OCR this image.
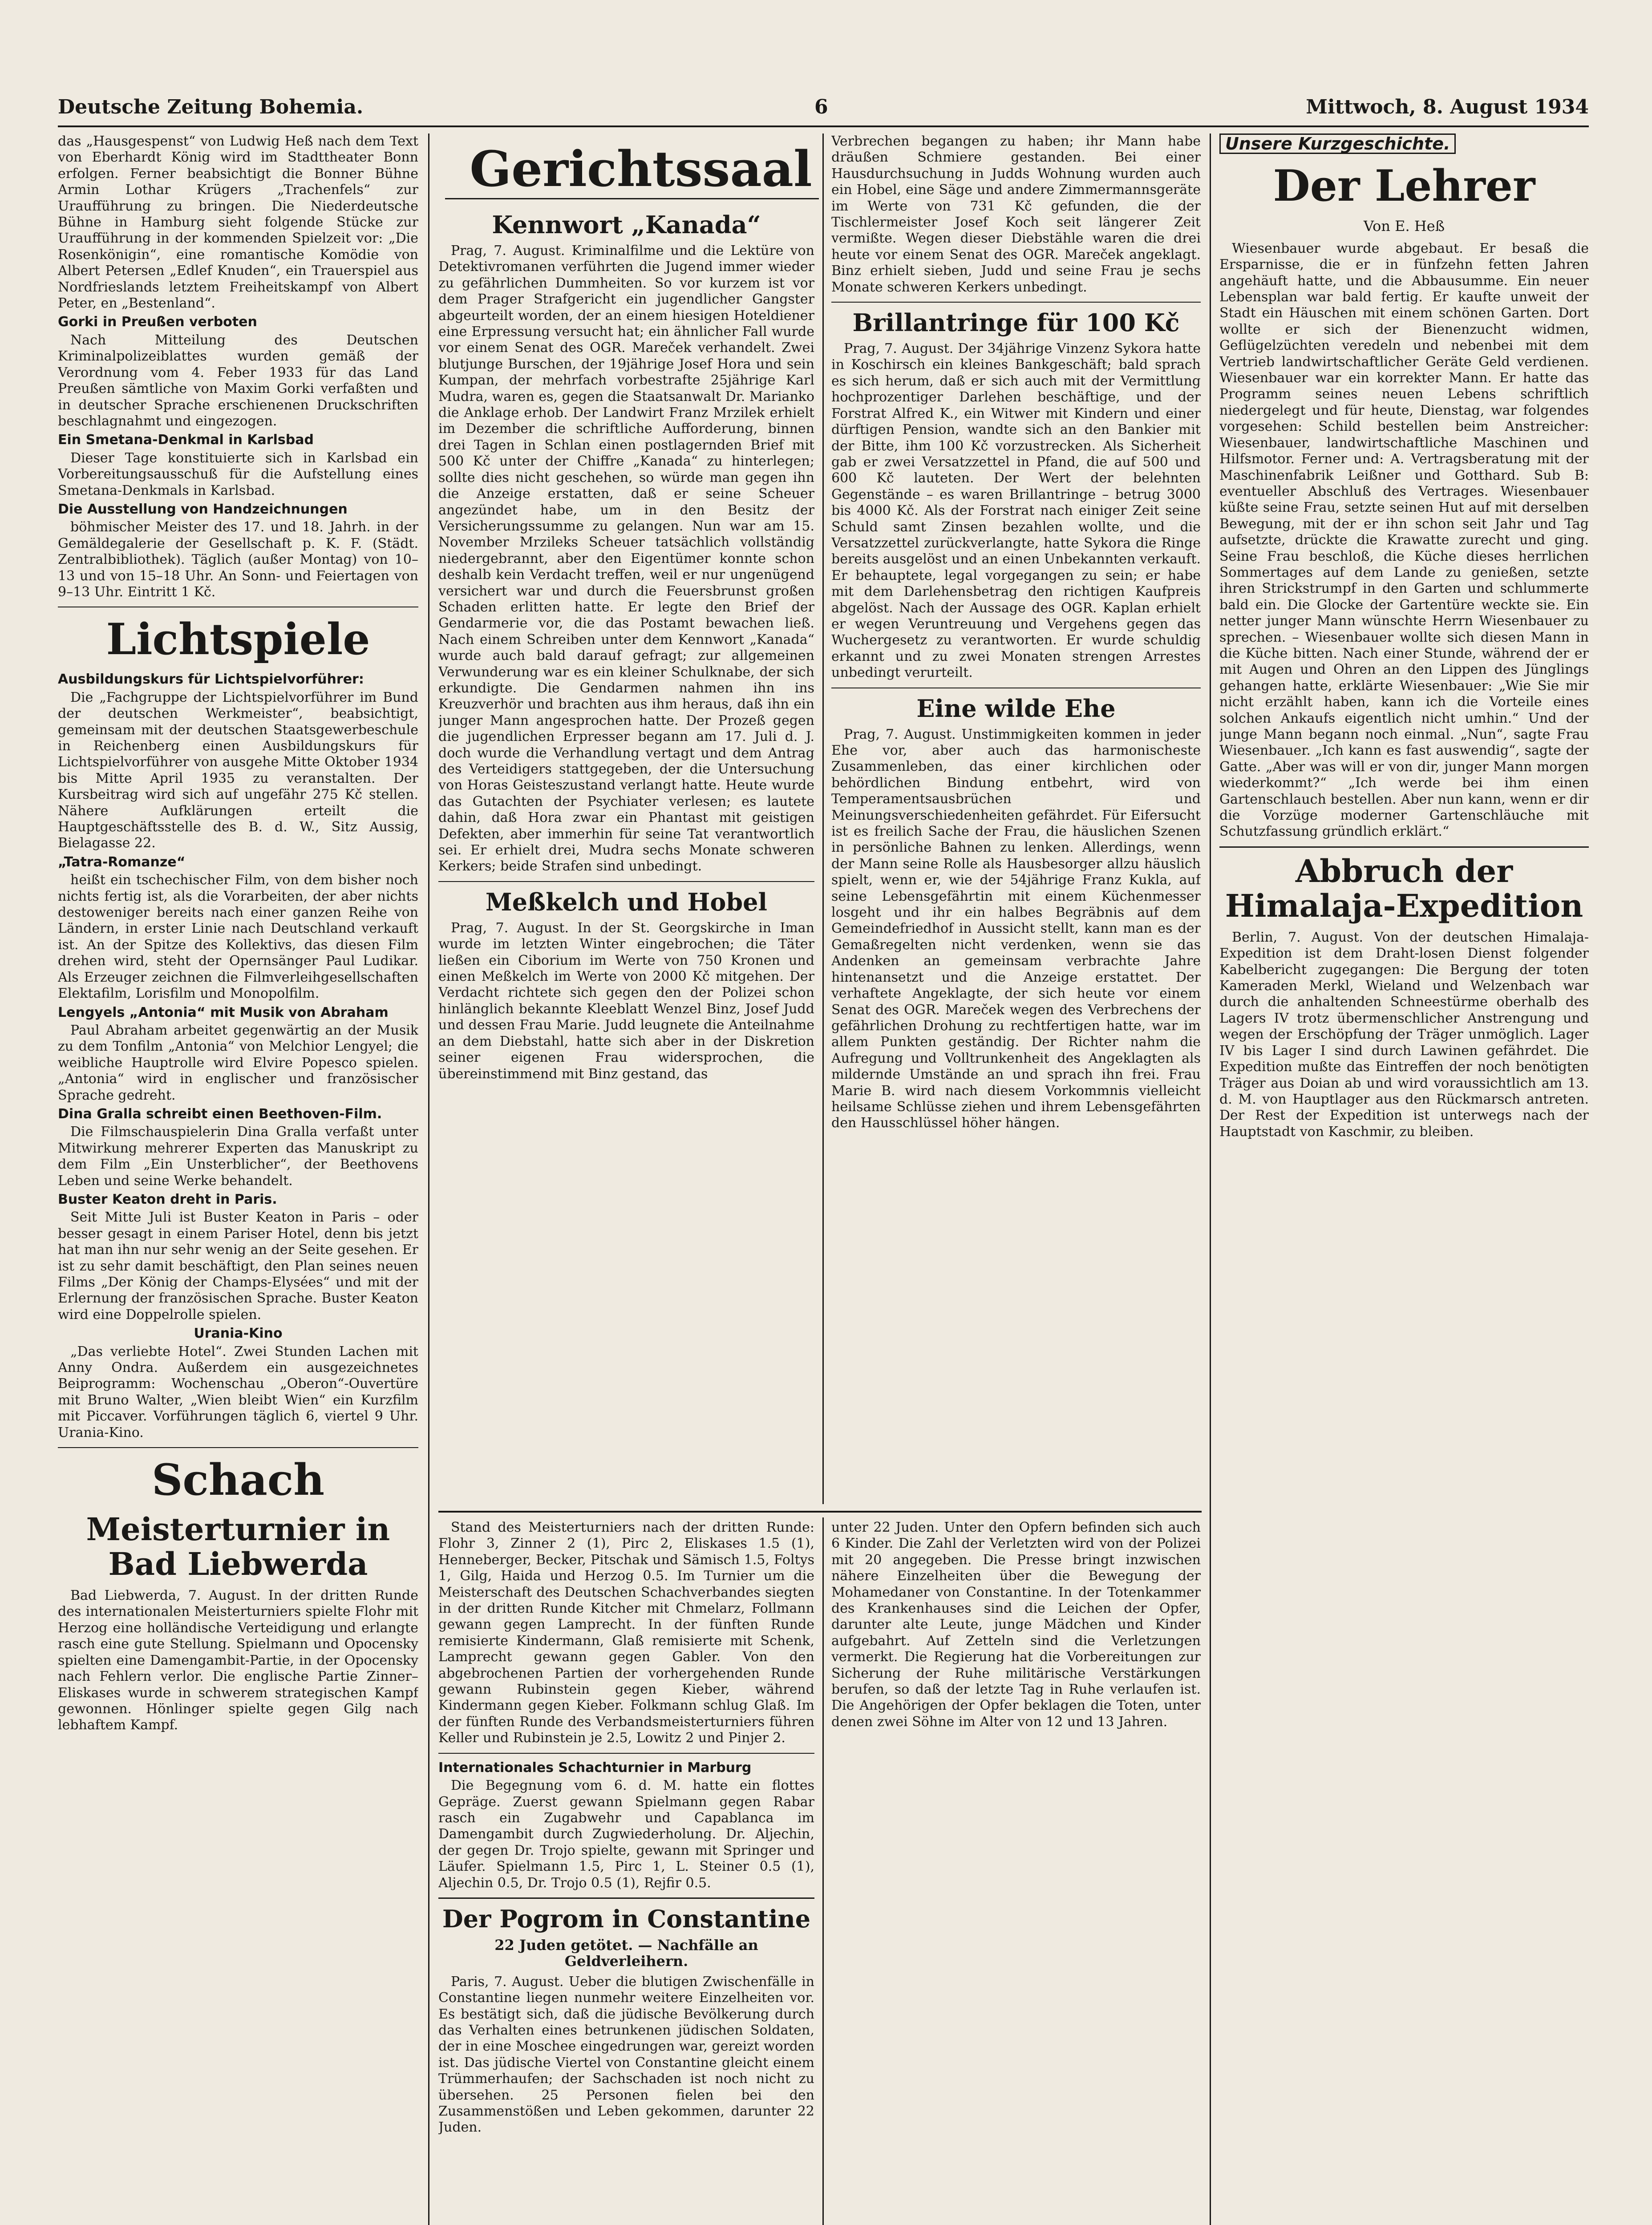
Deutsche Zeitung Bohemia.	6	Mittwoch, 8. August 1934

das „Hausgespenst“ von Ludwig Heß nach dem Text von Eberhardt König wird im Stadttheater Bonn erfolgen. Ferner beabsichtigt die Bonner Bühne Armin Lothar Krügers „Trachenfels“ zur Uraufführung zu bringen. Die Niederdeutsche Bühne in Hamburg sieht folgende Stücke zur Uraufführung in der kommenden Spielzeit vor: „Die Rosenkönigin“, eine romantische Komödie von Albert Petersen „Edlef Knuden“, ein Trauerspiel aus Nordfrieslands letztem Freiheitskampf von Albert Peter, en „Bestenland“.

Gorki in Preußen verboten

Nach Mitteilung des Deutschen Kriminalpolizeiblattes wurden gemäß der Verordnung vom 4. Feber 1933 für das Land Preußen sämtliche von Maxim Gorki verfaßten und in deutscher Sprache erschienenen Druckschriften beschlagnahmt und eingezogen.

Ein Smetana-Denkmal in Karlsbad

Dieser Tage konstituierte sich in Karlsbad ein Vorbereitungsausschuß für die Aufstellung eines Smetana-Denkmals in Karlsbad.

Die Ausstellung von Handzeichnungen

böhmischer Meister des 17. und 18. Jahrh. in der Gemäldegalerie der Gesellschaft p. K. F. (Städt. Zentralbibliothek). Täglich (außer Montag) von 10–13 und von 15–18 Uhr. An Sonn- und Feiertagen von 9–13 Uhr. Eintritt 1 Kč.

Lichtspiele
Ausbildungskurs für Lichtspielvorführer:

Die „Fachgruppe der Lichtspielvorführer im Bund der deutschen Werkmeister“, beabsichtigt, gemeinsam mit der deutschen Staatsgewerbeschule in Reichenberg einen Ausbildungskurs für Lichtspielvorführer von ausgehe Mitte Oktober 1934 bis Mitte April 1935 zu veranstalten. Der Kursbeitrag wird sich auf ungefähr 275 Kč stellen. Nähere Aufklärungen erteilt die Hauptgeschäftsstelle des B. d. W., Sitz Aussig, Bielagasse 22.

„Tatra-Romanze“

heißt ein tschechischer Film, von dem bisher noch nichts fertig ist, als die Vorarbeiten, der aber nichts destoweniger bereits nach einer ganzen Reihe von Ländern, in erster Linie nach Deutschland verkauft ist. An der Spitze des Kollektivs, das diesen Film drehen wird, steht der Opernsänger Paul Ludikar. Als Erzeuger zeichnen die Filmverleihgesellschaften Elektafilm, Lorisfilm und Monopolfilm.

Lengyels „Antonia“ mit Musik von Abraham

Paul Abraham arbeitet gegenwärtig an der Musik zu dem Tonfilm „Antonia“ von Melchior Lengyel; die weibliche Hauptrolle wird Elvire Popesco spielen. „Antonia“ wird in englischer und französischer Sprache gedreht.

Dina Gralla schreibt einen Beethoven-Film.

Die Filmschauspielerin Dina Gralla verfaßt unter Mitwirkung mehrerer Experten das Manuskript zu dem Film „Ein Unsterblicher“, der Beethovens Leben und seine Werke behandelt.

Buster Keaton dreht in Paris.

Seit Mitte Juli ist Buster Keaton in Paris – oder besser gesagt in einem Pariser Hotel, denn bis jetzt hat man ihn nur sehr wenig an der Seite gesehen. Er ist zu sehr damit beschäftigt, den Plan seines neuen Films „Der König der Champs-Elysées“ und mit der Erlernung der französischen Sprache. Buster Keaton wird eine Doppelrolle spielen.

Urania-Kino

„Das verliebte Hotel“. Zwei Stunden Lachen mit Anny Ondra. Außerdem ein ausgezeichnetes Beiprogramm: Wochenschau „Oberon“-Ouvertüre mit Bruno Walter, „Wien bleibt Wien“ ein Kurzfilm mit Piccaver. Vorführungen täglich 6, viertel 9 Uhr. Urania-Kino.

Schach
Meisterturnier in Bad Liebwerda

Bad Liebwerda, 7. August. In der dritten Runde des internationalen Meisterturniers spielte Flohr mit Herzog eine holländische Verteidigung und erlangte rasch eine gute Stellung. Spielmann und Opocensky spielten eine Damengambit-Partie, in der Opocensky nach Fehlern verlor. Die englische Partie Zinner–Eliskases wurde in schwerem strategischen Kampf gewonnen. Hönlinger spielte gegen Gilg nach lebhaftem Kampf.

Gerichtssaal
Kennwort „Kanada“

Prag, 7. August. Kriminalfilme und die Lektüre von Detektivromanen verführten die Jugend immer wieder zu gefährlichen Dummheiten. So vor kurzem ist vor dem Prager Strafgericht ein jugendlicher Gangster abgeurteilt worden, der an einem hiesigen Hoteldiener eine Erpressung versucht hat; ein ähnlicher Fall wurde vor einem Senat des OGR. Mareček verhandelt. Zwei blutjunge Burschen, der 19jährige Josef Hora und sein Kumpan, der mehrfach vorbestrafte 25jährige Karl Mudra, waren es, gegen die Staatsanwalt Dr. Marianko die Anklage erhob. Der Landwirt Franz Mrzilek erhielt im Dezember die schriftliche Aufforderung, binnen drei Tagen in Schlan einen postlagernden Brief mit 500 Kč unter der Chiffre „Kanada“ zu hinterlegen; sollte dies nicht geschehen, so würde man gegen ihn die Anzeige erstatten, daß er seine Scheuer angezündet habe, um in den Besitz der Versicherungssumme zu gelangen. Nun war am 15. November Mrzileks Scheuer tatsächlich vollständig niedergebrannt, aber den Eigentümer konnte schon deshalb kein Verdacht treffen, weil er nur ungenügend versichert war und durch die Feuersbrunst großen Schaden erlitten hatte. Er legte den Brief der Gendarmerie vor, die das Postamt bewachen ließ. Nach einem Schreiben unter dem Kennwort „Kanada“ wurde auch bald darauf gefragt; zur allgemeinen Verwunderung war es ein kleiner Schulknabe, der sich erkundigte. Die Gendarmen nahmen ihn ins Kreuzverhör und brachten aus ihm heraus, daß ihn ein junger Mann angesprochen hatte. Der Prozeß gegen die jugendlichen Erpresser begann am 17. Juli d. J. doch wurde die Verhandlung vertagt und dem Antrag des Verteidigers stattgegeben, der die Untersuchung von Horas Geisteszustand verlangt hatte. Heute wurde das Gutachten der Psychiater verlesen; es lautete dahin, daß Hora zwar ein Phantast mit geistigen Defekten, aber immerhin für seine Tat verantwortlich sei. Er erhielt drei, Mudra sechs Monate schweren Kerkers; beide Strafen sind unbedingt.

Meßkelch und Hobel

Prag, 7. August. In der St. Georgskirche in Iman wurde im letzten Winter eingebrochen; die Täter ließen ein Ciborium im Werte von 750 Kronen und einen Meßkelch im Werte von 2000 Kč mitgehen. Der Verdacht richtete sich gegen den der Polizei schon hinlänglich bekannte Kleeblatt Wenzel Binz, Josef Judd und dessen Frau Marie. Judd leugnete die Anteilnahme an dem Diebstahl, hatte sich aber in der Diskretion seiner eigenen Frau widersprochen, die übereinstimmend mit Binz gestand, das

Verbrechen begangen zu haben; ihr Mann habe dräußen Schmiere gestanden. Bei einer Hausdurchsuchung in Judds Wohnung wurden auch ein Hobel, eine Säge und andere Zimmermannsgeräte im Werte von 731 Kč gefunden, die der Tischlermeister Josef Koch seit längerer Zeit vermißte. Wegen dieser Diebstähle waren die drei heute vor einem Senat des OGR. Mareček angeklagt. Binz erhielt sieben, Judd und seine Frau je sechs Monate schweren Kerkers unbedingt.

Brillantringe für 100 Kč

Prag, 7. August. Der 34jährige Vinzenz Sykora hatte in Koschirsch ein kleines Bankgeschäft; bald sprach es sich herum, daß er sich auch mit der Vermittlung hochprozentiger Darlehen beschäftige, und der Forstrat Alfred K., ein Witwer mit Kindern und einer dürftigen Pension, wandte sich an den Bankier mit der Bitte, ihm 100 Kč vorzustrecken. Als Sicherheit gab er zwei Versatzzettel in Pfand, die auf 500 und 600 Kč lauteten. Der Wert der belehnten Gegenstände – es waren Brillantringe – betrug 3000 bis 4000 Kč. Als der Forstrat nach einiger Zeit seine Schuld samt Zinsen bezahlen wollte, und die Versatzzettel zurückverlangte, hatte Sykora die Ringe bereits ausgelöst und an einen Unbekannten verkauft. Er behauptete, legal vorgegangen zu sein; er habe mit dem Darlehensbetrag den richtigen Kaufpreis abgelöst. Nach der Aussage des OGR. Kaplan erhielt er wegen Veruntreuung und Vergehens gegen das Wuchergesetz zu verantworten. Er wurde schuldig erkannt und zu zwei Monaten strengen Arrestes unbedingt verurteilt.

Eine wilde Ehe

Prag, 7. August. Unstimmigkeiten kommen in jeder Ehe vor, aber auch das harmonischeste Zusammenleben, das einer kirchlichen oder behördlichen Bindung entbehrt, wird von Temperamentsausbrüchen und Meinungsverschiedenheiten gefährdet. Für Eifersucht ist es freilich Sache der Frau, die häuslichen Szenen in persönliche Bahnen zu lenken. Allerdings, wenn der Mann seine Rolle als Hausbesorger allzu häuslich spielt, wenn er, wie der 54jährige Franz Kukla, auf seine Lebensgefährtin mit einem Küchenmesser losgeht und ihr ein halbes Begräbnis auf dem Gemeindefriedhof in Aussicht stellt, kann man es der Gemaßregelten nicht verdenken, wenn sie das Andenken an gemeinsam verbrachte Jahre hintenansetzt und die Anzeige erstattet. Der verhaftete Angeklagte, der sich heute vor einem Senat des OGR. Mareček wegen des Verbrechens der gefährlichen Drohung zu rechtfertigen hatte, war im allem Punkten geständig. Der Richter nahm die Aufregung und Volltrunkenheit des Angeklagten als mildernde Umstände an und sprach ihn frei. Frau Marie B. wird nach diesem Vorkommnis vielleicht heilsame Schlüsse ziehen und ihrem Lebensgefährten den Hausschlüssel höher hängen.

Stand des Meisterturniers nach der dritten Runde: Flohr 3, Zinner 2 (1), Pirc 2, Eliskases 1.5 (1), Henneberger, Becker, Pitschak und Sämisch 1.5, Foltys 1, Gilg, Haida und Herzog 0.5. Im Turnier um die Meisterschaft des Deutschen Schachverbandes siegten in der dritten Runde Kitcher mit Chmelarz, Follmann gewann gegen Lamprecht. In der fünften Runde remisierte Kindermann, Glaß remisierte mit Schenk, Lamprecht gewann gegen Gabler. Von den abgebrochenen Partien der vorhergehenden Runde gewann Rubinstein gegen Kieber, während Kindermann gegen Kieber. Folkmann schlug Glaß. Im der fünften Runde des Verbandsmeisterturniers führen Keller und Rubinstein je 2.5, Lowitz 2 und Pinjer 2.

Internationales Schachturnier in Marburg

Die Begegnung vom 6. d. M. hatte ein flottes Gepräge. Zuerst gewann Spielmann gegen Rabar rasch ein Zugabwehr und Capablanca im Damengambit durch Zugwiederholung. Dr. Aljechin, der gegen Dr. Trojo spielte, gewann mit Springer und Läufer. Spielmann 1.5, Pirc 1, L. Steiner 0.5 (1), Aljechin 0.5, Dr. Trojo 0.5 (1), Rejfir 0.5.

Der Pogrom in Constantine
22 Juden getötet. — Nachfälle an Geldverleihern.

Paris, 7. August. Ueber die blutigen Zwischenfälle in Constantine liegen nunmehr weitere Einzelheiten vor. Es bestätigt sich, daß die jüdische Bevölkerung durch das Verhalten eines betrunkenen jüdischen Soldaten, der in eine Moschee eingedrungen war, gereizt worden ist. Das jüdische Viertel von Constantine gleicht einem Trümmerhaufen; der Sachschaden ist noch nicht zu übersehen. 25 Personen fielen bei den Zusammenstößen und Leben gekommen, darunter 22 Juden.

unter 22 Juden. Unter den Opfern befinden sich auch 6 Kinder. Die Zahl der Verletzten wird von der Polizei mit 20 angegeben. Die Presse bringt inzwischen nähere Einzelheiten über die Bewegung der Mohamedaner von Constantine. In der Totenkammer des Krankenhauses sind die Leichen der Opfer, darunter alte Leute, junge Mädchen und Kinder aufgebahrt. Auf Zetteln sind die Verletzungen vermerkt. Die Regierung hat die Vorbereitungen zur Sicherung der Ruhe militärische Verstärkungen berufen, so daß der letzte Tag in Ruhe verlaufen ist. Die Angehörigen der Opfer beklagen die Toten, unter denen zwei Söhne im Alter von 12 und 13 Jahren.

Unsere Kurzgeschichte.
Der Lehrer
Von E. Heß

Wiesenbauer wurde abgebaut. Er besaß die Ersparnisse, die er in fünfzehn fetten Jahren angehäuft hatte, und die Abbausumme. Ein neuer Lebensplan war bald fertig. Er kaufte unweit der Stadt ein Häuschen mit einem schönen Garten. Dort wollte er sich der Bienenzucht widmen, Geflügelzüchten veredeln und nebenbei mit dem Vertrieb landwirtschaftlicher Geräte Geld verdienen. Wiesenbauer war ein korrekter Mann. Er hatte das Programm seines neuen Lebens schriftlich niedergelegt und für heute, Dienstag, war folgendes vorgesehen: Schild bestellen beim Anstreicher: Wiesenbauer, landwirtschaftliche Maschinen und Hilfsmotor. Ferner und: A. Vertragsberatung mit der Maschinenfabrik Leißner und Gotthard. Sub B: eventueller Abschluß des Vertrages. Wiesenbauer küßte seine Frau, setzte seinen Hut auf mit derselben Bewegung, mit der er ihn schon seit Jahr und Tag aufsetzte, drückte die Krawatte zurecht und ging. Seine Frau beschloß, die Küche dieses herrlichen Sommertages auf dem Lande zu genießen, setzte ihren Strickstrumpf in den Garten und schlummerte bald ein. Die Glocke der Gartentüre weckte sie. Ein netter junger Mann wünschte Herrn Wiesenbauer zu sprechen. – Wiesenbauer wollte sich diesen Mann in die Küche bitten. Nach einer Stunde, während der er mit Augen und Ohren an den Lippen des Jünglings gehangen hatte, erklärte Wiesenbauer: „Wie Sie mir nicht erzählt haben, kann ich die Vorteile eines solchen Ankaufs eigentlich nicht umhin.“ Und der junge Mann begann noch einmal. „Nun“, sagte Frau Wiesenbauer. „Ich kann es fast auswendig“, sagte der Gatte. „Aber was will er von dir, junger Mann morgen wiederkommt?“ „Ich werde bei ihm einen Gartenschlauch bestellen. Aber nun kann, wenn er dir die Vorzüge moderner Gartenschläuche mit Schutzfassung gründlich erklärt.“

Abbruch der Himalaja-Expedition

Berlin, 7. August. Von der deutschen Himalaja-Expedition ist dem Draht-losen Dienst folgender Kabelbericht zugegangen: Die Bergung der toten Kameraden Merkl, Wieland und Welzenbach war durch die anhaltenden Schneestürme oberhalb des Lagers IV trotz übermenschlicher Anstrengung und wegen der Erschöpfung der Träger unmöglich. Lager IV bis Lager I sind durch Lawinen gefährdet. Die Expedition mußte das Eintreffen der noch benötigten Träger aus Doian ab und wird voraussichtlich am 13. d. M. von Hauptlager aus den Rückmarsch antreten. Der Rest der Expedition ist unterwegs nach der Hauptstadt von Kaschmir, zu bleiben.
